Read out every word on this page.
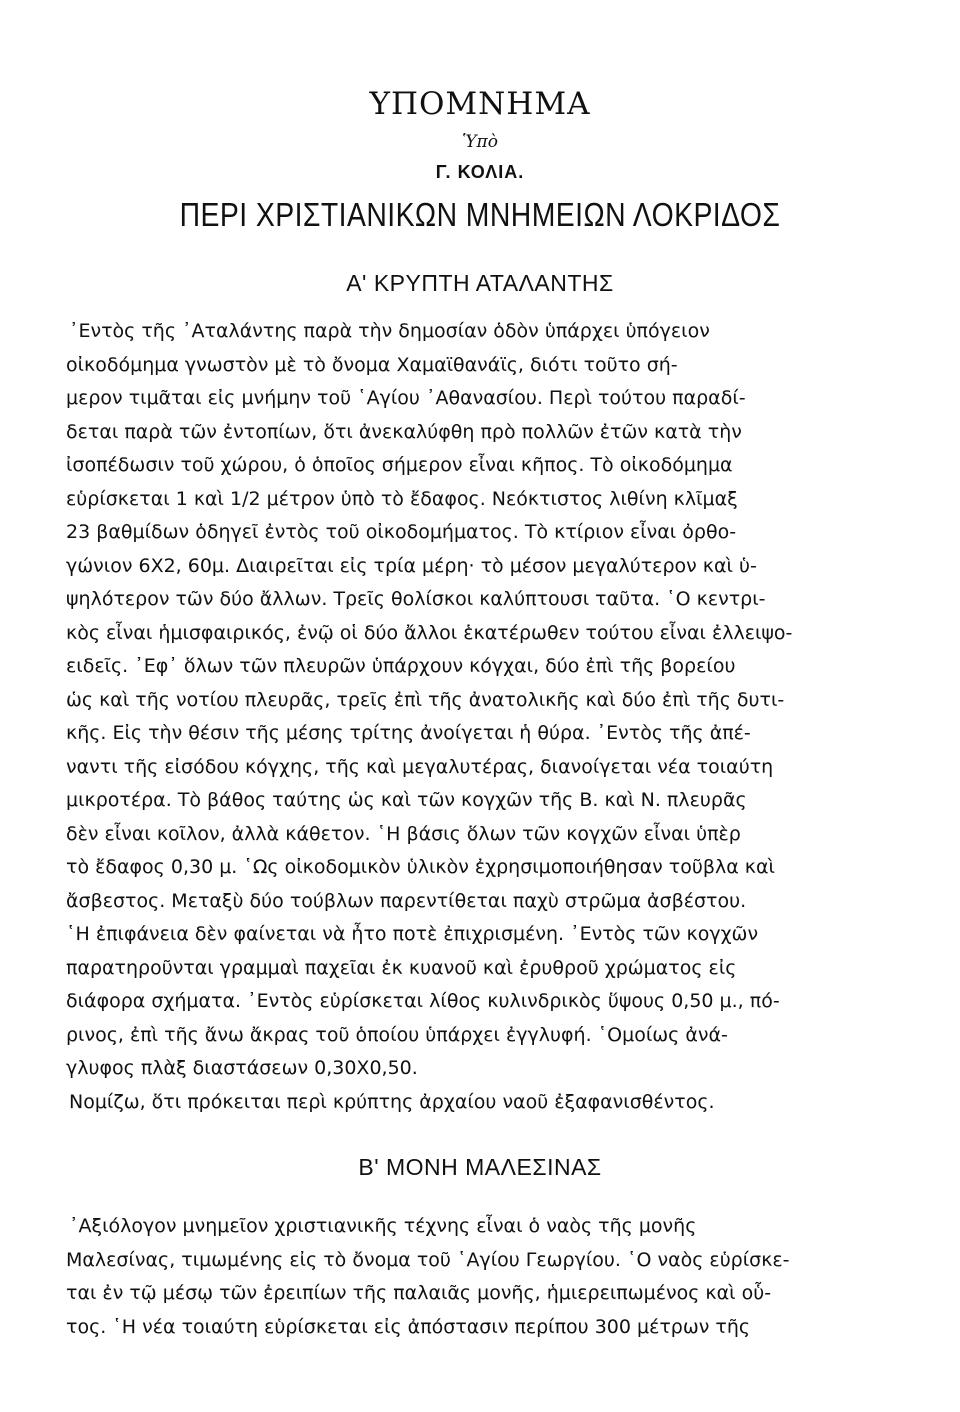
ΥΠΟΜΝΗΜΑ
Ὑπὸ
Γ. ΚΟΛΙΑ.
ΠΕΡΙ ΧΡΙΣΤΙΑΝΙΚΩΝ ΜΝΗΜΕΙΩΝ ΛΟΚΡΙΔΟΣ
Α' ΚΡΥΠΤΗ ΑΤΑΛΑΝΤΗΣ
᾿Εντὸς τῆς ᾿Αταλάντης παρὰ τὴν δημοσίαν ὁδὸν ὑπάρχει ὑπόγειον
οἰκοδόμημα γνωστὸν μὲ τὸ ὄνομα Χαμαϊθανάϊς, διότι τοῦτο σή-
μερον τιμᾶται εἰς μνήμην τοῦ ῾Αγίου ᾿Αθανασίου. Περὶ τούτου παραδί-
δεται παρὰ τῶν ἐντοπίων, ὅτι ἀνεκαλύφθη πρὸ πολλῶν ἐτῶν κατὰ τὴν
ἰσοπέδωσιν τοῦ χώρου, ὁ ὁποῖος σήμερον εἶναι κῆπος. Τὸ οἰκοδόμημα
εὑρίσκεται 1 καὶ 1/2 μέτρον ὑπὸ τὸ ἔδαφος. Νεόκτιστος λιθίνη κλῖμαξ
23 βαθμίδων ὁδηγεῖ ἐντὸς τοῦ οἰκοδομήματος. Τὸ κτίριον εἶναι ὀρθο-
γώνιον 6Χ2, 60μ. Διαιρεῖται εἰς τρία μέρη· τὸ μέσον μεγαλύτερον καὶ ὑ-
ψηλότερον τῶν δύο ἄλλων. Τρεῖς θολίσκοι καλύπτουσι ταῦτα. ῾Ο κεντρι-
κὸς εἶναι ἡμισφαιρικός, ἐνῷ οἱ δύο ἄλλοι ἑκατέρωθεν τούτου εἶναι ἐλλειψο-
ειδεῖς. ᾿Εφ᾿ ὅλων τῶν πλευρῶν ὑπάρχουν κόγχαι, δύο ἐπὶ τῆς βορείου
ὡς καὶ τῆς νοτίου πλευρᾶς, τρεῖς ἐπὶ τῆς ἀνατολικῆς καὶ δύο ἐπὶ τῆς δυτι-
κῆς. Εἰς τὴν θέσιν τῆς μέσης τρίτης ἀνοίγεται ἡ θύρα. ᾿Εντὸς τῆς ἀπέ-
ναντι τῆς εἰσόδου κόγχης, τῆς καὶ μεγαλυτέρας, διανοίγεται νέα τοιαύτη
μικροτέρα. Τὸ βάθος ταύτης ὡς καὶ τῶν κογχῶν τῆς Β. καὶ Ν. πλευρᾶς
δὲν εἶναι κοῖλον, ἀλλὰ κάθετον. ῾Η βάσις ὅλων τῶν κογχῶν εἶναι ὑπὲρ
τὸ ἔδαφος 0,30 μ. ῾Ως οἰκοδομικὸν ὑλικὸν ἐχρησιμοποιήθησαν τοῦβλα καὶ
ἄσβεστος. Μεταξὺ δύο τούβλων παρεντίθεται παχὺ στρῶμα ἀσβέστου.
῾Η ἐπιφάνεια δὲν φαίνεται νὰ ἦτο ποτὲ ἐπιχρισμένη. ᾿Εντὸς τῶν κογχῶν
παρατηροῦνται γραμμαὶ παχεῖαι ἐκ κυανοῦ καὶ ἐρυθροῦ χρώματος εἰς
διάφορα σχήματα. ᾿Εντὸς εὑρίσκεται λίθος κυλινδρικὸς ὕψους 0,50 μ., πό-
ρινος, ἐπὶ τῆς ἄνω ἄκρας τοῦ ὁποίου ὑπάρχει ἐγγλυφή. ῾Ομοίως ἀνά-
γλυφος πλὰξ διαστάσεων 0,30Χ0,50.
Νομίζω, ὅτι πρόκειται περὶ κρύπτης ἀρχαίου ναοῦ ἐξαφανισθέντος.
Β' ΜΟΝΗ ΜΑΛΕΣΙΝΑΣ
᾿Αξιόλογον μνημεῖον χριστιανικῆς τέχνης εἶναι ὁ ναὸς τῆς μονῆς
Μαλεσίνας, τιμωμένης εἰς τὸ ὄνομα τοῦ ῾Αγίου Γεωργίου. ῾Ο ναὸς εὑρίσκε-
ται ἐν τῷ μέσῳ τῶν ἐρειπίων τῆς παλαιᾶς μονῆς, ἡμιερειπωμένος καὶ οὗ-
τος. ῾Η νέα τοιαύτη εὑρίσκεται εἰς ἀπόστασιν περίπου 300 μέτρων τῆς
